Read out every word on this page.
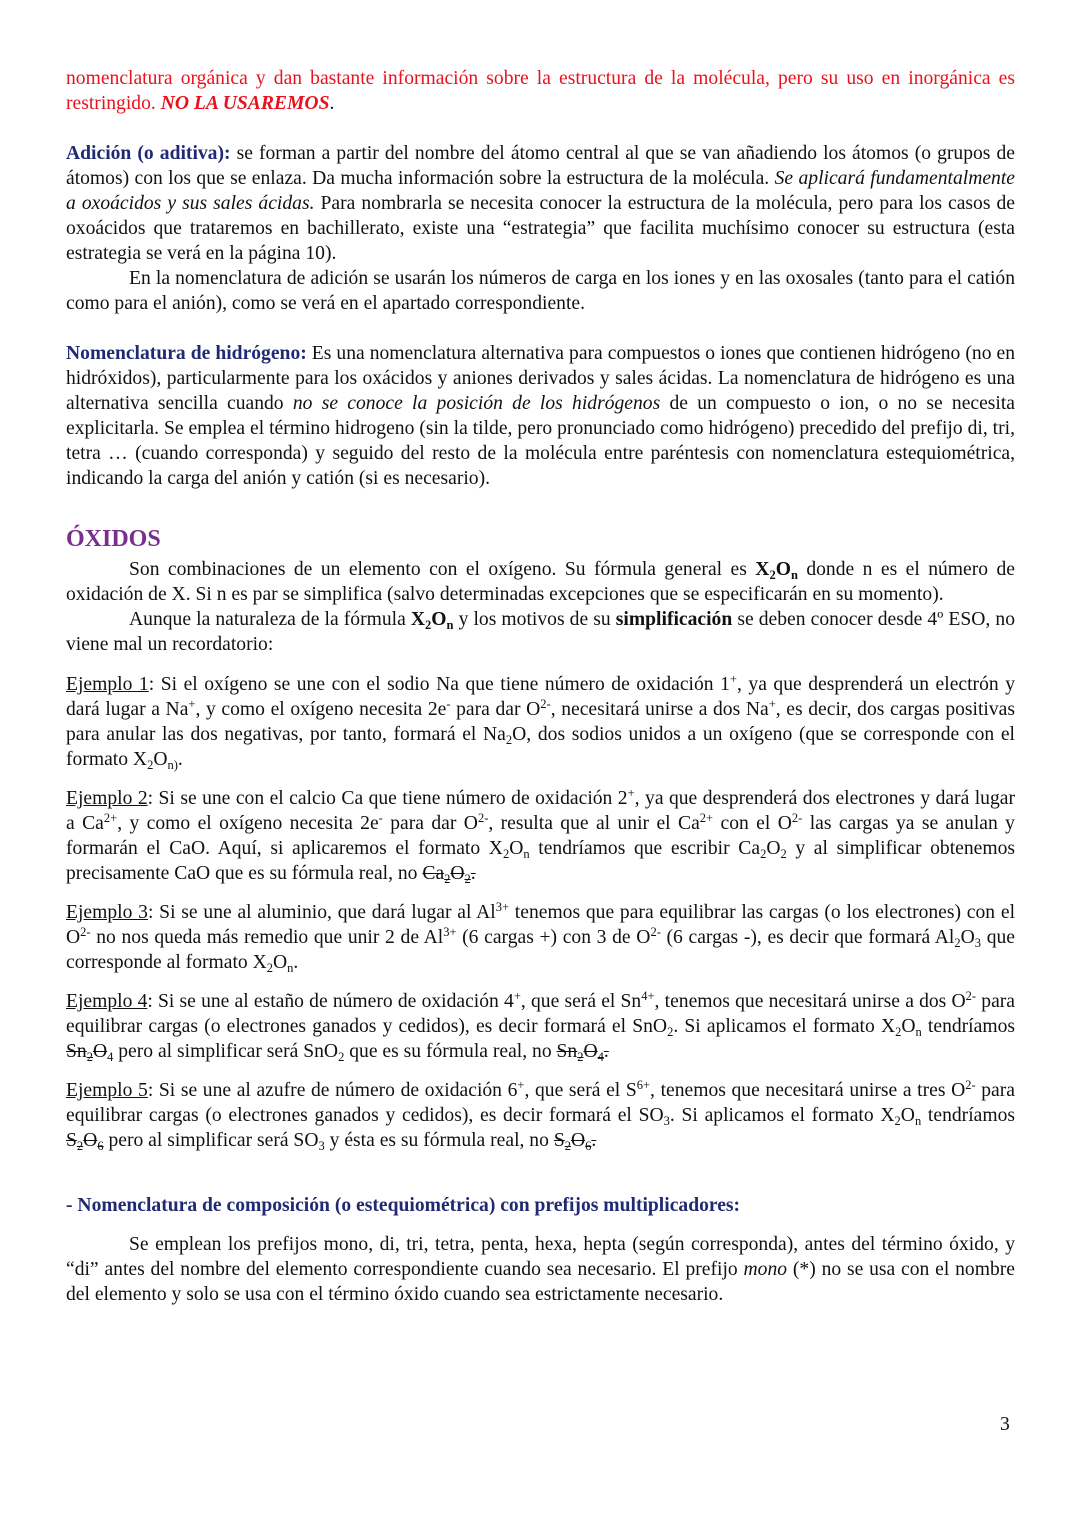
nomenclatura orgánica y dan bastante información sobre la estructura de la molécula, pero su uso en inorgánica es restringido. NO LA USAREMOS.

Adición (o aditiva): se forman a partir del nombre del átomo central al que se van añadiendo los átomos (o grupos de átomos) con los que se enlaza. Da mucha información sobre la estructura de la molécula. Se aplicará fundamentalmente a oxoácidos y sus sales ácidas. Para nombrarla se necesita conocer la estructura de la molécula, pero para los casos de oxoácidos que trataremos en bachillerato, existe una “estrategia” que facilita muchísimo conocer su estructura (esta estrategia se verá en la página 10).

En la nomenclatura de adición se usarán los números de carga en los iones y en las oxosales (tanto para el catión como para el anión), como se verá en el apartado correspondiente.

Nomenclatura de hidrógeno: Es una nomenclatura alternativa para compuestos o iones que contienen hidrógeno (no en hidróxidos), particularmente para los oxácidos y aniones derivados y sales ácidas. La nomenclatura de hidrógeno es una alternativa sencilla cuando no se conoce la posición de los hidrógenos de un compuesto o ion, o no se necesita explicitarla. Se emplea el término hidrogeno (sin la tilde, pero pronunciado como hidrógeno) precedido del prefijo di, tri, tetra … (cuando corresponda) y seguido del resto de la molécula entre paréntesis con nomenclatura estequiométrica, indicando la carga del anión y catión (si es necesario).

ÓXIDOS

Son combinaciones de un elemento con el oxígeno. Su fórmula general es $X_2O_n$ donde n es el número de oxidación de X. Si n es par se simplifica (salvo determinadas excepciones que se especificarán en su momento).

Aunque la naturaleza de la fórmula $X_2O_n$ y los motivos de su simplificación se deben conocer desde 4º ESO, no viene mal un recordatorio:

Ejemplo 1: Si el oxígeno se une con el sodio Na que tiene número de oxidación 1+, ya que desprenderá un electrón y dará lugar a Na+, y como el oxígeno necesita 2e- para dar $O^{2-}$, necesitará unirse a dos Na+, es decir, dos cargas positivas para anular las dos negativas, por tanto, formará el $Na_2O$, dos sodios unidos a un oxígeno (que se corresponde con el formato $X_2O_{n)}$.

Ejemplo 2: Si se une con el calcio Ca que tiene número de oxidación 2+, ya que desprenderá dos electrones y dará lugar a $Ca^{2+}$, y como el oxígeno necesita 2e- para dar $O^{2-}$, resulta que al unir el $Ca^{2+}$ con el $O^{2-}$ las cargas ya se anulan y formarán el CaO. Aquí, si aplicaremos el formato $X_2O_n$ tendríamos que escribir $Ca_2O_2$ y al simplificar obtenemos precisamente CaO que es su fórmula real, no $Ca_2O_2$.

Ejemplo 3: Si se une al aluminio, que dará lugar al $Al^{3+}$ tenemos que para equilibrar las cargas (o los electrones) con el $O^{2-}$ no nos queda más remedio que unir 2 de $Al^{3+}$ (6 cargas +) con 3 de $O^{2-}$ (6 cargas -), es decir que formará $Al_2O_3$ que corresponde al formato $X_2O_n$.

Ejemplo 4: Si se une al estaño de número de oxidación 4+, que será el $Sn^{4+}$, tenemos que necesitará unirse a dos $O^{2-}$ para equilibrar cargas (o electrones ganados y cedidos), es decir formará el SnO$_2$. Si aplicamos el formato $X_2O_n$ tendríamos $Sn_2O_4$ pero al simplificar será SnO$_2$ que es su fórmula real, no $Sn_2O_4$.

Ejemplo 5: Si se une al azufre de número de oxidación 6+, que será el $S^{6+}$, tenemos que necesitará unirse a tres $O^{2-}$ para equilibrar cargas (o electrones ganados y cedidos), es decir formará el $SO_3$. Si aplicamos el formato $X_2O_n$ tendríamos $S_2O_6$ pero al simplificar será $SO_3$ y ésta es su fórmula real, no $S_2O_6$.

- Nomenclatura de composición (o estequiométrica) con prefijos multiplicadores:

Se emplean los prefijos mono, di, tri, tetra, penta, hexa, hepta (según corresponda), antes del término óxido, y “di” antes del nombre del elemento correspondiente cuando sea necesario. El prefijo mono (*) no se usa con el nombre del elemento y solo se usa con el término óxido cuando sea estrictamente necesario.

3
